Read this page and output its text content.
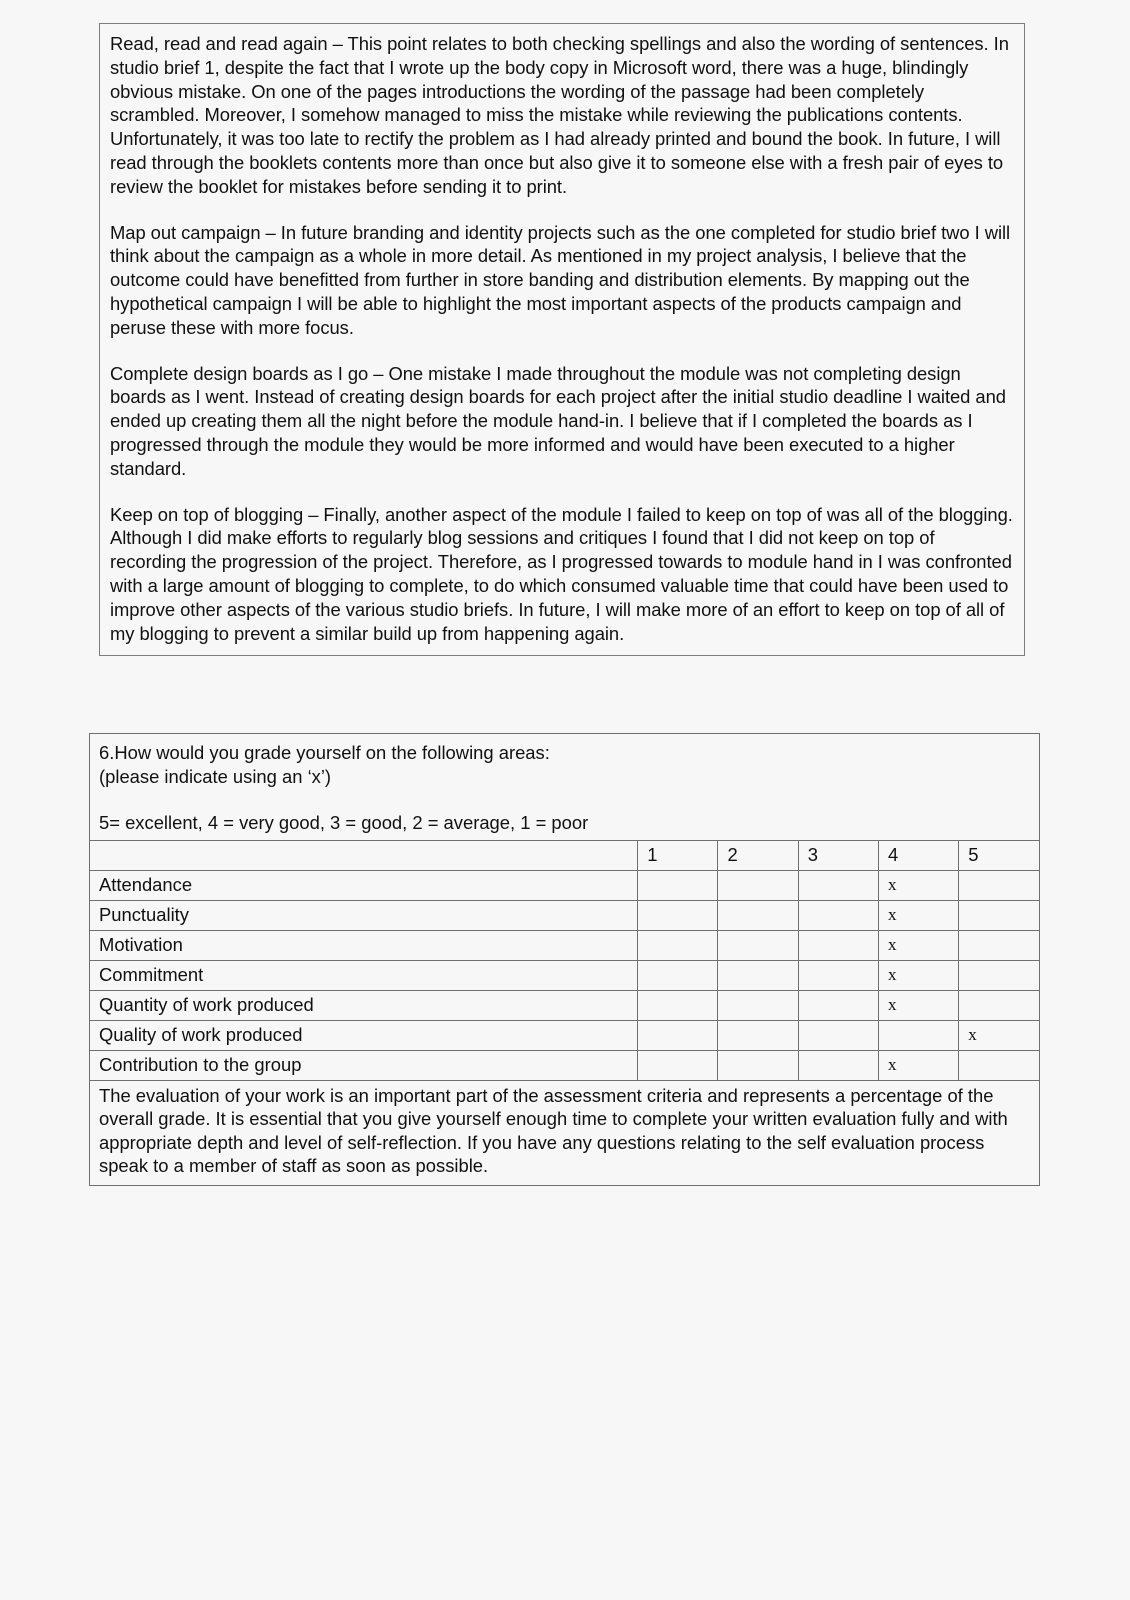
Read, read and read again – This point relates to both checking spellings and also the wording of sentences. In studio brief 1, despite the fact that I wrote up the body copy in Microsoft word, there was a huge, blindingly obvious mistake. On one of the pages introductions the wording of the passage had been completely scrambled. Moreover, I somehow managed to miss the mistake while reviewing the publications contents. Unfortunately, it was too late to rectify the problem as I had already printed and bound the book. In future, I will read through the booklets contents more than once but also give it to someone else with a fresh pair of eyes to review the booklet for mistakes before sending it to print.

Map out campaign – In future branding and identity projects such as the one completed for studio brief two I will think about the campaign as a whole in more detail. As mentioned in my project analysis, I believe that the outcome could have benefitted from further in store banding and distribution elements. By mapping out the hypothetical campaign I will be able to highlight the most important aspects of the products campaign and peruse these with more focus.

Complete design boards as I go – One mistake I made throughout the module was not completing design boards as I went. Instead of creating design boards for each project after the initial studio deadline I waited and ended up creating them all the night before the module hand-in. I believe that if I completed the boards as I progressed through the module they would be more informed and would have been executed to a higher standard.

Keep on top of blogging – Finally, another aspect of the module I failed to keep on top of was all of the blogging. Although I did make efforts to regularly blog sessions and critiques I found that I did not keep on top of recording the progression of the project. Therefore, as I progressed towards to module hand in I was confronted with a large amount of blogging to complete, to do which consumed valuable time that could have been used to improve other aspects of the various studio briefs. In future, I will make more of an effort to keep on top of all of my blogging to prevent a similar build up from happening again.

6.How would you grade yourself on the following areas:
(please indicate using an ‘x’)
5= excellent, 4 = very good, 3 = good, 2 = average, 1 = poor
	1	2	3	4	5
Attendance				x	
Punctuality				x	
Motivation				x	
Commitment				x	
Quantity of work produced				x	
Quality of work produced					x
Contribution to the group				x	

The evaluation of your work is an important part of the assessment criteria and represents a percentage of the overall grade. It is essential that you give yourself enough time to complete your written evaluation fully and with appropriate depth and level of self-reflection. If you have any questions relating to the self evaluation process speak to a member of staff as soon as possible.					
